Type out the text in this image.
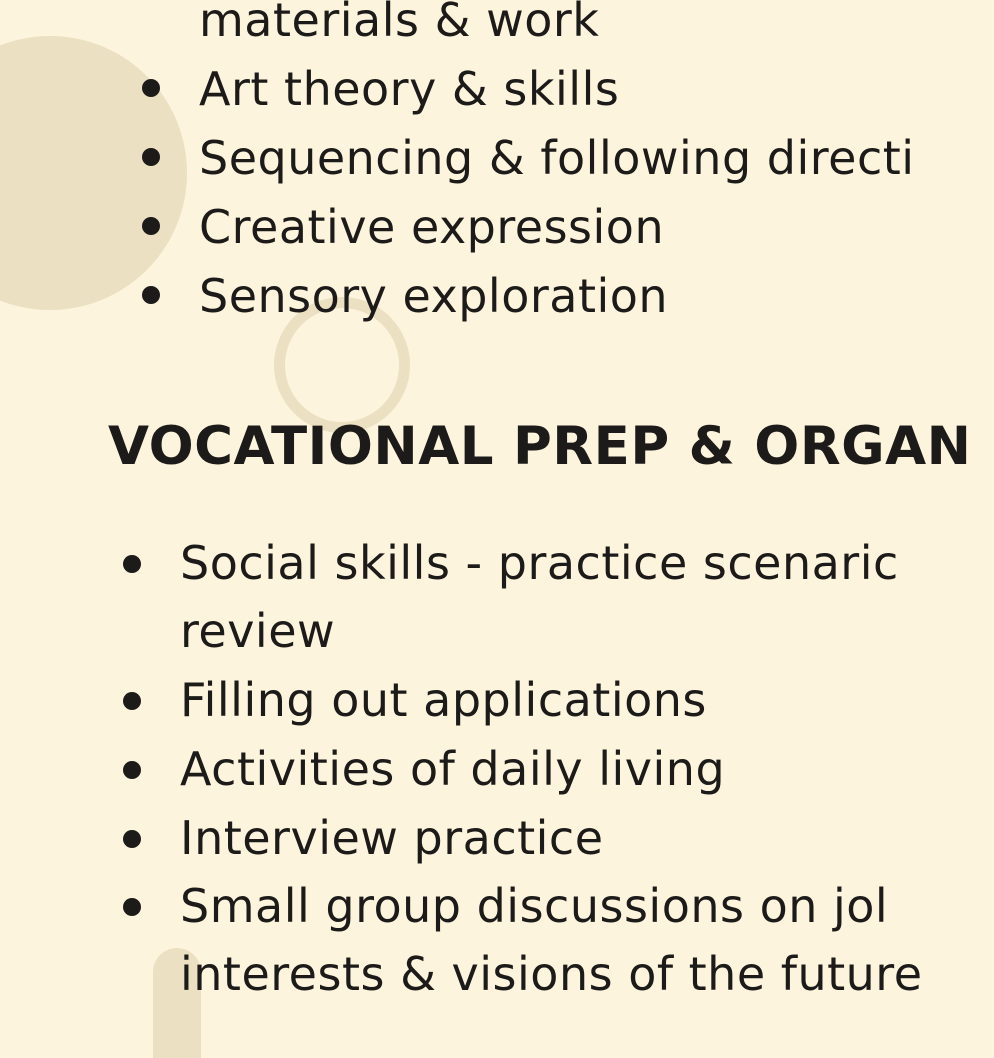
materials & work
Art theory & skills
Sequencing & following directi
Creative expression
Sensory exploration
VOCATIONAL PREP & ORGAN
Social skills - practice scenaric
review
Filling out applications
Activities of daily living
Interview practice
Small group discussions on jol
interests & visions of the future
